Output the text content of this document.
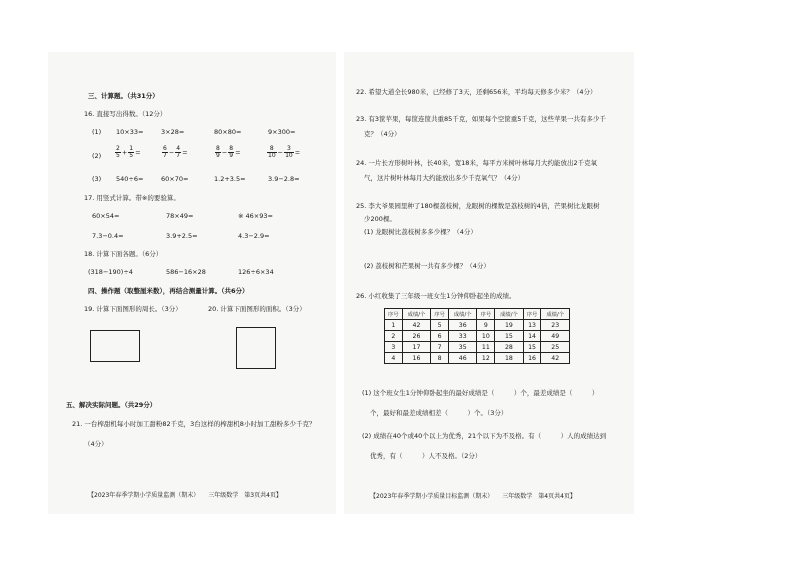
三、计算题。（共31分）
16. 直接写出得数。（12分）
(1) 10×33=	3×28=	80×80=	9×300=
$(2) \frac{2}{5} + \frac{1}{5}$ =	$\frac{6}{7} - \frac{4}{7}$ =	$\frac{8}{9} - \frac{8}{9}$ =	$\frac{8}{10} - \frac{3}{10}$ =
(3) 540÷6=	60×70=	1.2+3.5=	3.9−2.8=
17. 用竖式计算。带※的要验算。
60×54=	78×49=	※ 46×93=
7.3−0.4=	3.9+2.5=	4.3−2.9=
18. 计算下面各题。（6分）
(318−190)÷4	586−16×28	126÷6×34
四、操作题（取整厘米数），再结合测量计算。（共6分）
19. 计算下面图形的周长。（3分）	20. 计算下面图形的面积。（3分）
五、解决实际问题。（共29分）
21. 一台榨甜机每小时加工甜粉82千克，3台这样的榨甜机8小时加工甜粉多少千克？
（4分）
【2023年春季学期小学质量监测（期末）　　三年级数学　第3页共4页】
22. 希望大道全长980米，已经修了3天，还剩656米，平均每天修多少米？（4分）
23. 有3筐苹果，每筐连筐共重85千克，如果每个空筐重5千克，这些苹果一共有多少千
克？（4分）
24. 一片长方形树叶林，长40米，宽18米，每平方米树叶林每月大约能放出2千克氧
气，这片树叶林每月大约能放出多少千克氧气？（4分）
25. 李大爷果园里种了180棵荔枝树，龙眼树的棵数是荔枝树的4倍，芒果树比龙眼树
少200棵。
(1) 龙眼树比荔枝树多多少棵？（4分）
(2) 荔枝树和芒果树一共有多少棵？（4分）
26. 小红收集了三年级一班女生1分钟仰卧起坐的成绩。
序号	成绩/个	序号	成绩/个	序号	成绩/个	序号	成绩/个
1	42	5	36	9	19	13	23
2	26	6	33	10	15	14	49
3	17	7	35	11	28	15	25
4	16	8	46	12	18	16	42
(1) 这个班女生1分钟仰卧起坐的最好成绩是（　　　）个，最差成绩是（　　　）
个，最好和最差成绩相差（　　　）个。（3分）
(2) 成绩在40个或40个以上为优秀，21个以下为不及格。有（　　　）人的成绩达到
优秀，有（　　　）人不及格。（2分）
【2023年春季学期小学质量目标监测（期末）　　三年级数学　第4页共4页】
